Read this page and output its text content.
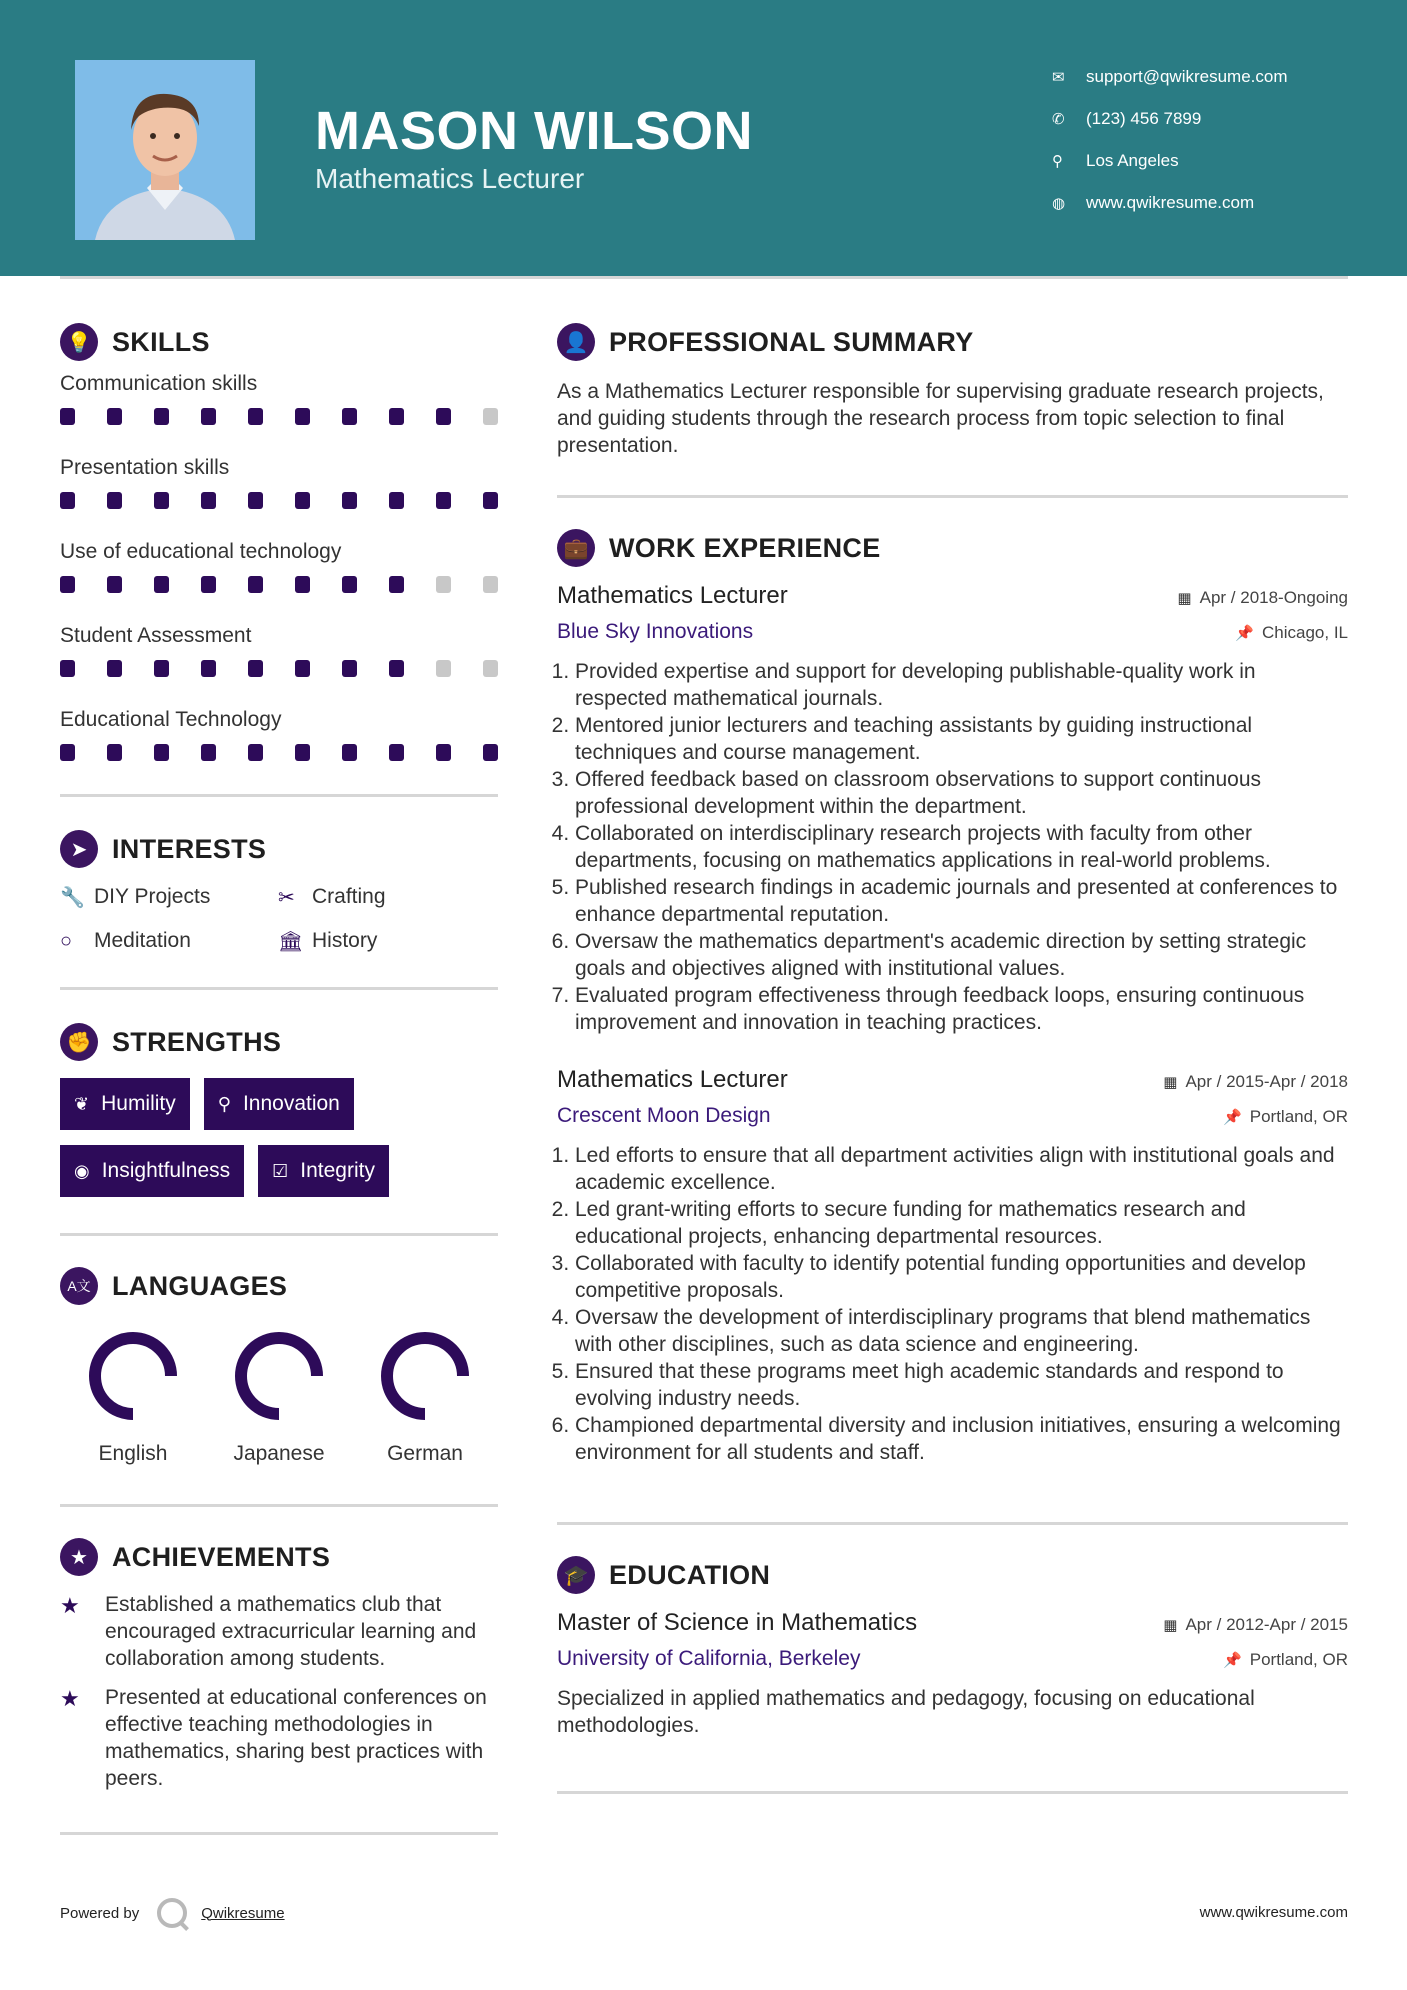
MASON WILSON
Mathematics Lecturer
✉	support@qwikresume.com
✆	(123) 456 7899
⚲	Los Angeles
◍	www.qwikresume.com
💡 SKILLS
Communication skills
Presentation skills
Use of educational technology
Student Assessment
Educational Technology
➤ INTERESTS
🔧 DIY Projects	✂ Crafting
○	Meditation	🏛 History
✊ STRENGTHS
❦ Humility ⚲ Innovation
◉ Insightfulness ☑ Integrity
A文 LANGUAGES
English	Japanese	German
★ ACHIEVEMENTS
★	Established a mathematics club that encouraged extracurricular learning and collaboration among students.
★	Presented at educational conferences on effective teaching methodologies in mathematics, sharing best practices with peers.
👤 PROFESSIONAL SUMMARY
As a Mathematics Lecturer responsible for supervising graduate research projects, and guiding students through the research process from topic selection to final presentation.
💼 WORK EXPERIENCE
Mathematics Lecturer	▦ Apr / 2018-Ongoing
Blue Sky Innovations	📌 Chicago, IL
1. Provided expertise and support for developing publishable-quality work in respected mathematical journals.
2. Mentored junior lecturers and teaching assistants by guiding instructional techniques and course management.
3. Offered feedback based on classroom observations to support continuous professional development within the department.
4. Collaborated on interdisciplinary research projects with faculty from other departments, focusing on mathematics applications in real-world problems.
5. Published research findings in academic journals and presented at conferences to enhance departmental reputation.
6. Oversaw the mathematics department's academic direction by setting strategic goals and objectives aligned with institutional values.
7. Evaluated program effectiveness through feedback loops, ensuring continuous improvement and innovation in teaching practices.
Mathematics Lecturer	▦ Apr / 2015-Apr / 2018
Crescent Moon Design	📌 Portland, OR
1. Led efforts to ensure that all department activities align with institutional goals and academic excellence.
2. Led grant-writing efforts to secure funding for mathematics research and educational projects, enhancing departmental resources.
3. Collaborated with faculty to identify potential funding opportunities and develop competitive proposals.
4. Oversaw the development of interdisciplinary programs that blend mathematics with other disciplines, such as data science and engineering.
5. Ensured that these programs meet high academic standards and respond to evolving industry needs.
6. Championed departmental diversity and inclusion initiatives, ensuring a welcoming environment for all students and staff.
🎓 EDUCATION
Master of Science in Mathematics	▦ Apr / 2012-Apr / 2015
University of California, Berkeley	📌 Portland, OR
Specialized in applied mathematics and pedagogy, focusing on educational methodologies.
Powered by	Qwikresume	www.qwikresume.com
